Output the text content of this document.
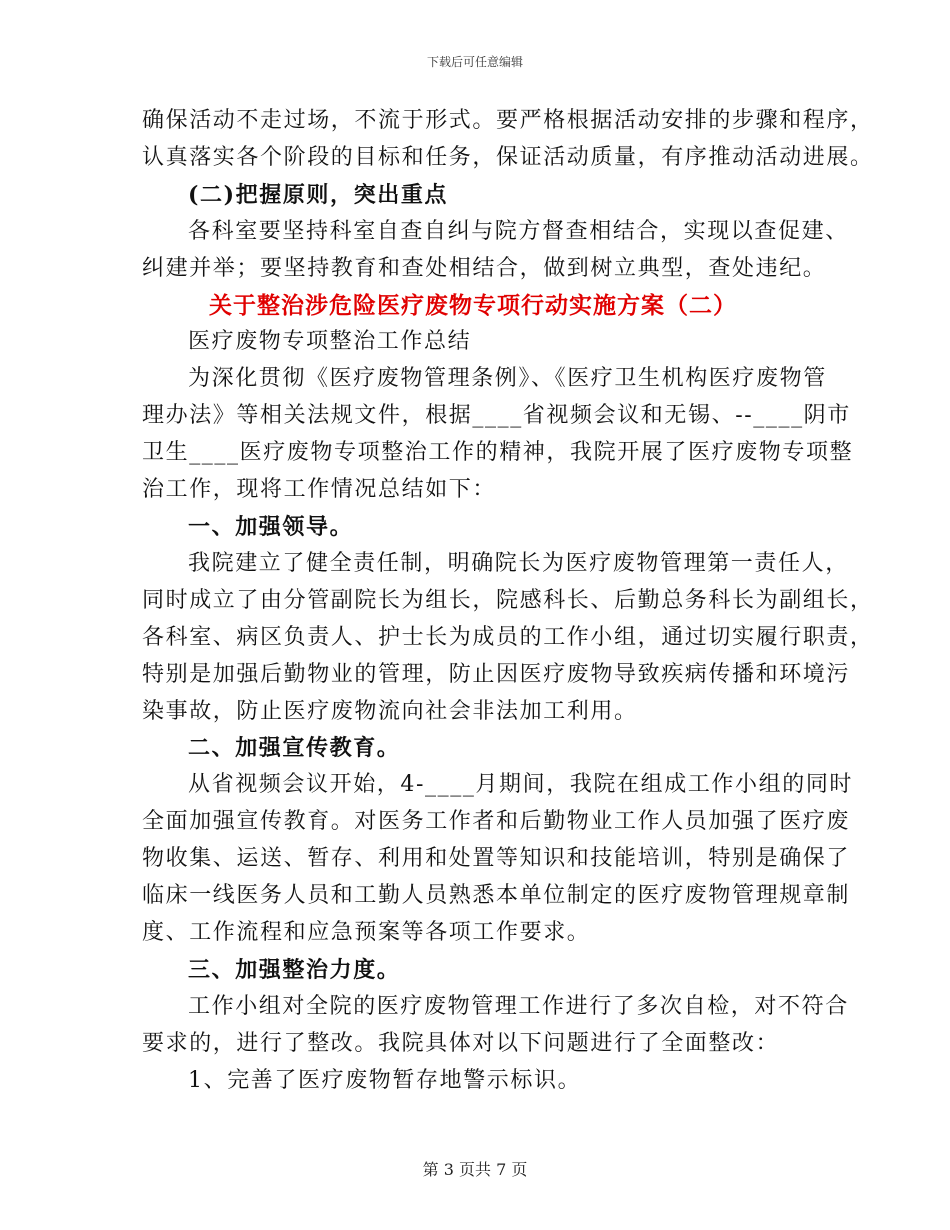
下载后可任意编辑
确保活动不走过场，不流于形式。要严格根据活动安排的步骤和程序，
认真落实各个阶段的目标和任务，保证活动质量，有序推动活动进展。
(二)把握原则，突出重点
各科室要坚持科室自查自纠与院方督查相结合，实现以查促建、
纠建并举；要坚持教育和查处相结合，做到树立典型，查处违纪。
关于整治涉危险医疗废物专项行动实施方案（二）
医疗废物专项整治工作总结
为深化贯彻《医疗废物管理条例》、《医疗卫生机构医疗废物管
理办法》等相关法规文件，根据____省视频会议和无锡、--____阴市
卫生____医疗废物专项整治工作的精神，我院开展了医疗废物专项整
治工作，现将工作情况总结如下：
一、加强领导。
我院建立了健全责任制，明确院长为医疗废物管理第一责任人，
同时成立了由分管副院长为组长，院感科长、后勤总务科长为副组长，
各科室、病区负责人、护士长为成员的工作小组，通过切实履行职责，
特别是加强后勤物业的管理，防止因医疗废物导致疾病传播和环境污
染事故，防止医疗废物流向社会非法加工利用。
二、加强宣传教育。
从省视频会议开始，4-____月期间，我院在组成工作小组的同时
全面加强宣传教育。对医务工作者和后勤物业工作人员加强了医疗废
物收集、运送、暂存、利用和处置等知识和技能培训，特别是确保了
临床一线医务人员和工勤人员熟悉本单位制定的医疗废物管理规章制
度、工作流程和应急预案等各项工作要求。
三、加强整治力度。
工作小组对全院的医疗废物管理工作进行了多次自检，对不符合
要求的，进行了整改。我院具体对以下问题进行了全面整改：
1、完善了医疗废物暂存地警示标识。
第 3 页共 7 页
